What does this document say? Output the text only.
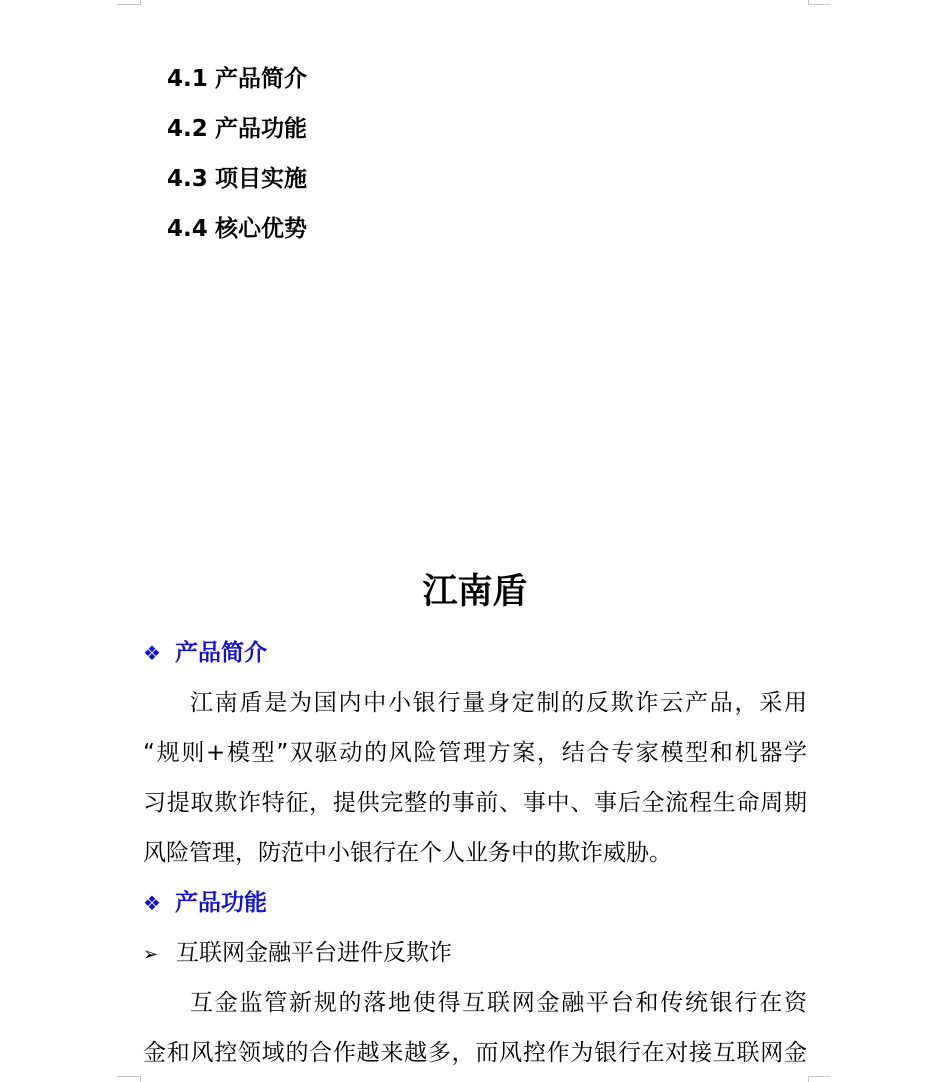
4.1 产品简介
4.2 产品功能
4.3 项目实施
4.4 核心优势
江南盾
❖ 产品简介
江南盾是为国内中小银行量身定制的反欺诈云产品，采用
“规则+模型”双驱动的风险管理方案，结合专家模型和机器学
习提取欺诈特征，提供完整的事前、事中、事后全流程生命周期
风险管理，防范中小银行在个人业务中的欺诈威胁。
❖ 产品功能
➢ 互联网金融平台进件反欺诈
互金监管新规的落地使得互联网金融平台和传统银行在资
金和风控领域的合作越来越多，而风控作为银行在对接互联网金
